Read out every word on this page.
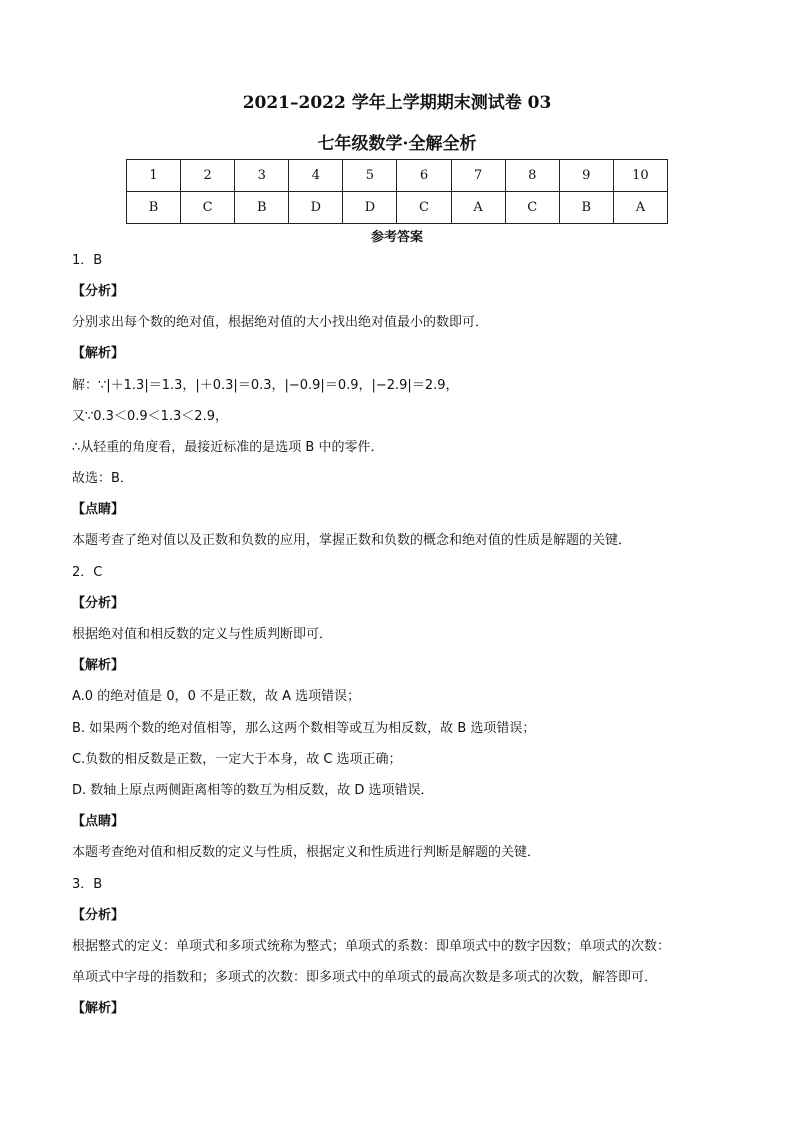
2021–2022 学年上学期期末测试卷 03
七年级数学·全解全析
1	2	3	4	5	6	7	8	9	10
B	C	B	D	D	C	A	C	B	A
参考答案
1．B
【分析】
分别求出每个数的绝对值，根据绝对值的大小找出绝对值最小的数即可．
【解析】
解：∵|＋1.3|＝1.3，|＋0.3|＝0.3，|−0.9|＝0.9，|−2.9|＝2.9，
又∵0.3＜0.9＜1.3＜2.9，
∴从轻重的角度看，最接近标准的是选项 B 中的零件．
故选：B．
【点睛】
本题考查了绝对值以及正数和负数的应用，掌握正数和负数的概念和绝对值的性质是解题的关键．
2．C
【分析】
根据绝对值和相反数的定义与性质判断即可．
【解析】
A.0 的绝对值是 0，0 不是正数，故 A 选项错误；
B. 如果两个数的绝对值相等，那么这两个数相等或互为相反数，故 B 选项错误；
C.负数的相反数是正数，一定大于本身，故 C 选项正确；
D. 数轴上原点两侧距离相等的数互为相反数，故 D 选项错误．
【点睛】
本题考查绝对值和相反数的定义与性质，根据定义和性质进行判断是解题的关键．
3．B
【分析】
根据整式的定义：单项式和多项式统称为整式；单项式的系数：即单项式中的数字因数；单项式的次数：
单项式中字母的指数和；多项式的次数：即多项式中的单项式的最高次数是多项式的次数，解答即可．
【解析】
